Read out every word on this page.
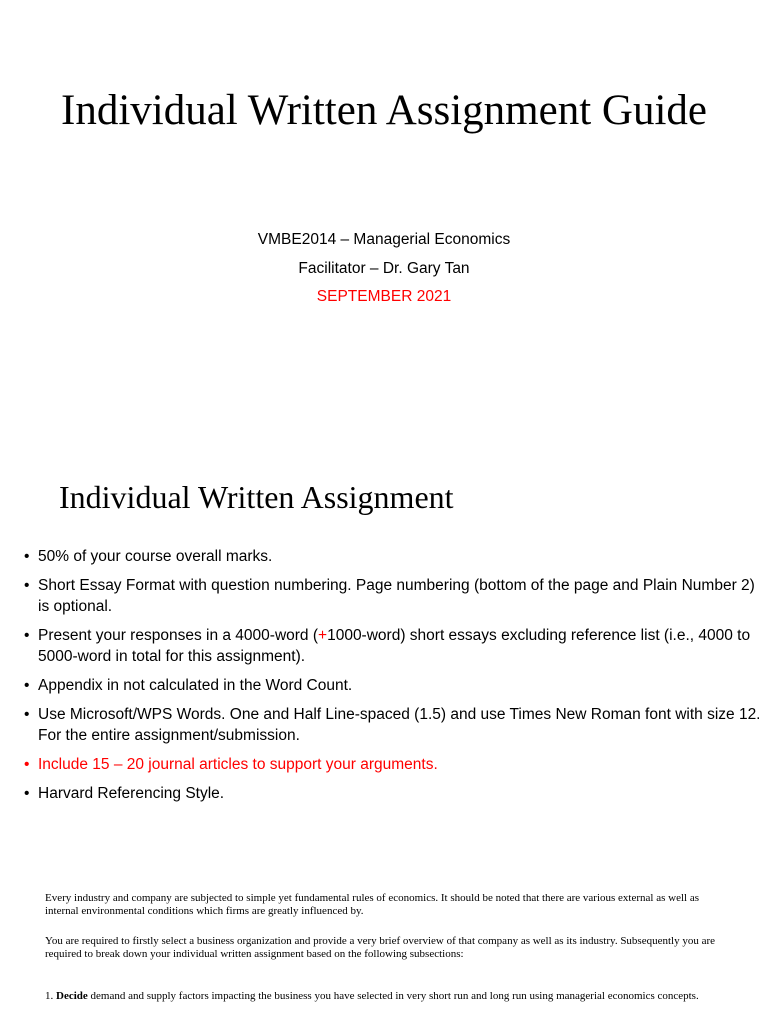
Individual Written Assignment Guide
VMBE2014 – Managerial Economics
Facilitator – Dr. Gary Tan
SEPTEMBER 2021
Individual Written Assignment
• 50% of your course overall marks.
• Short Essay Format with question numbering. Page numbering (bottom of the page and Plain Number 2) is optional.
• Present your responses in a 4000-word (+1000-word) short essays excluding reference list (i.e., 4000 to 5000-word in total for this assignment).
• Appendix in not calculated in the Word Count.
• Use Microsoft/WPS Words. One and Half Line-spaced (1.5) and use Times New Roman font with size 12. For the entire assignment/submission.
• Include 15 – 20 journal articles to support your arguments.
• Harvard Referencing Style.

Every industry and company are subjected to simple yet fundamental rules of economics. It should be noted that there are various external as well as internal environmental conditions which firms are greatly influenced by.

You are required to firstly select a business organization and provide a very brief overview of that company as well as its industry. Subsequently you are required to break down your individual written assignment based on the following subsections:

1. Decide demand and supply factors impacting the business you have selected in very short run and long run using managerial economics concepts.
